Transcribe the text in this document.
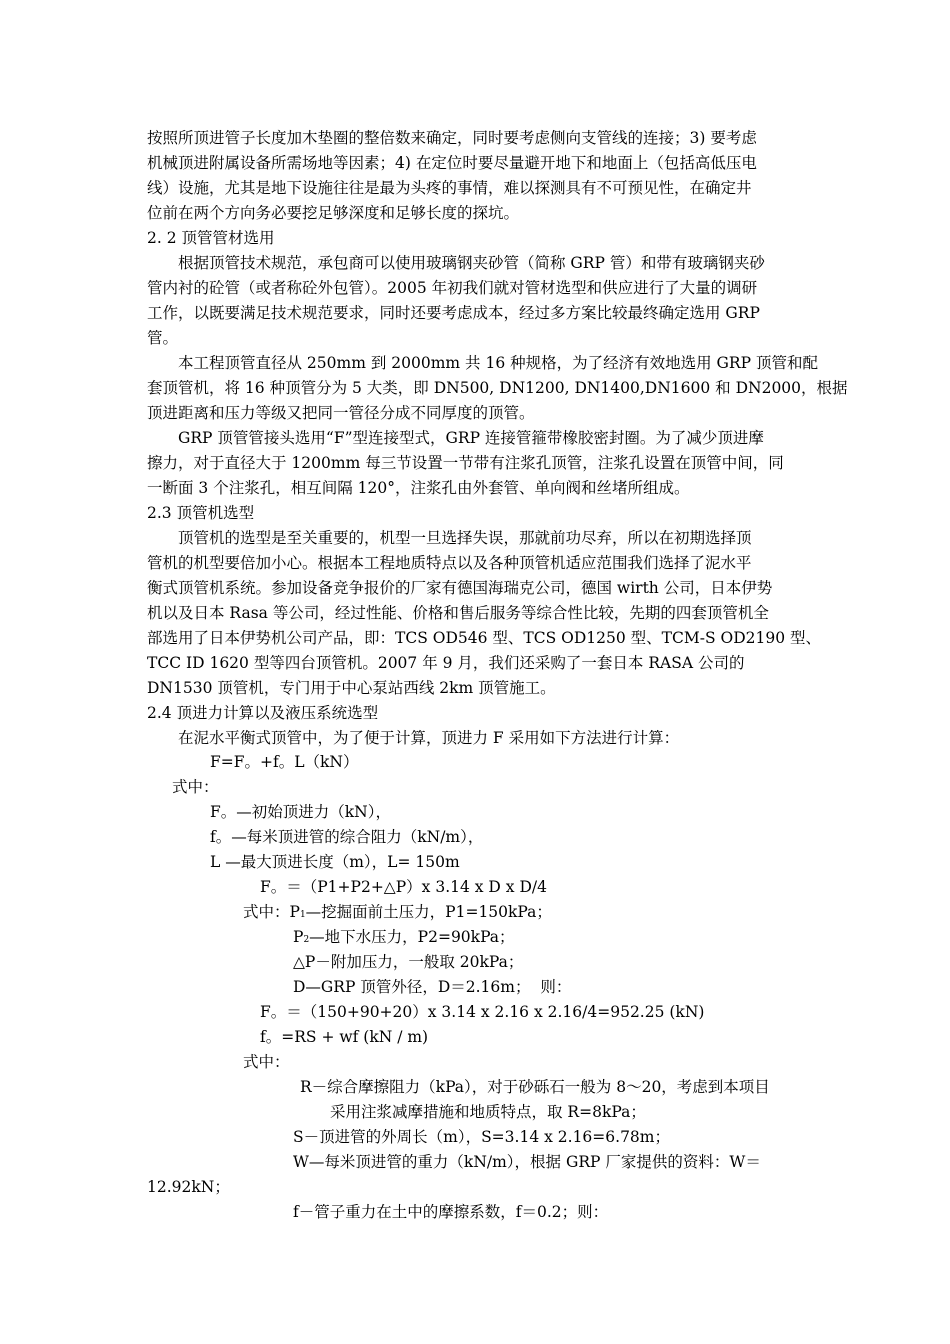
按照所顶进管子长度加木垫圈的整倍数来确定，同时要考虑侧向支管线的连接；3) 要考虑
机械顶进附属设备所需场地等因素；4) 在定位时要尽量避开地下和地面上（包括高低压电
线）设施，尤其是地下设施往往是最为头疼的事情，难以探测具有不可预见性，在确定井
位前在两个方向务必要挖足够深度和足够长度的探坑。
2. 2 顶管管材选用
根据顶管技术规范，承包商可以使用玻璃钢夹砂管（简称 GRP 管）和带有玻璃钢夹砂
管内衬的砼管（或者称砼外包管）。2005 年初我们就对管材选型和供应进行了大量的调研
工作，以既要满足技术规范要求，同时还要考虑成本，经过多方案比较最终确定选用 GRP
管。
本工程顶管直径从 250mm 到 2000mm 共 16 种规格，为了经济有效地选用 GRP 顶管和配
套顶管机，将 16 种顶管分为 5 大类，即 DN500, DN1200, DN1400,DN1600 和 DN2000，根据
顶进距离和压力等级又把同一管径分成不同厚度的顶管。
GRP 顶管管接头选用“F”型连接型式，GRP 连接管箍带橡胶密封圈。为了减少顶进摩
擦力，对于直径大于 1200mm 每三节设置一节带有注浆孔顶管，注浆孔设置在顶管中间，同
一断面 3 个注浆孔，相互间隔 120°，注浆孔由外套管、单向阀和丝堵所组成。
2.3 顶管机选型
顶管机的选型是至关重要的，机型一旦选择失误，那就前功尽弃，所以在初期选择顶
管机的机型要倍加小心。根据本工程地质特点以及各种顶管机适应范围我们选择了泥水平
衡式顶管机系统。参加设备竞争报价的厂家有德国海瑞克公司，德国 wirth 公司，日本伊势
机以及日本 Rasa 等公司，经过性能、价格和售后服务等综合性比较，先期的四套顶管机全
部选用了日本伊势机公司产品，即：TCS OD546 型、TCS OD1250 型、TCM-S OD2190 型、
TCC ID 1620 型等四台顶管机。2007 年 9 月，我们还采购了一套日本 RASA 公司的
DN1530 顶管机，专门用于中心泵站西线 2km 顶管施工。
2.4 顶进力计算以及液压系统选型
在泥水平衡式顶管中，为了便于计算，顶进力 F 采用如下方法进行计算：
F=F。+f。L（kN）
式中：
F。—初始顶进力（kN），
f。—每米顶进管的综合阻力（kN/m），
L —最大顶进长度（m），L= 150m
F。＝（P1+P2+△P）x 3.14 x D x D/4
式中：P1—挖掘面前土压力，P1=150kPa；
P2—地下水压力，P2=90kPa；
△P－附加压力，一般取 20kPa；
D—GRP 顶管外径，D＝2.16m；  则：
F。＝（150+90+20）x 3.14 x 2.16 x 2.16/4=952.25 (kN)
f。=RS + wf (kN / m)
式中：
R－综合摩擦阻力（kPa），对于砂砾石一般为 8～20，考虑到本项目
采用注浆减摩措施和地质特点，取 R=8kPa；
S－顶进管的外周长（m），S=3.14 x 2.16=6.78m；
W—每米顶进管的重力（kN/m），根据 GRP 厂家提供的资料：W＝
12.92kN；
f－管子重力在土中的摩擦系数，f＝0.2；则：
